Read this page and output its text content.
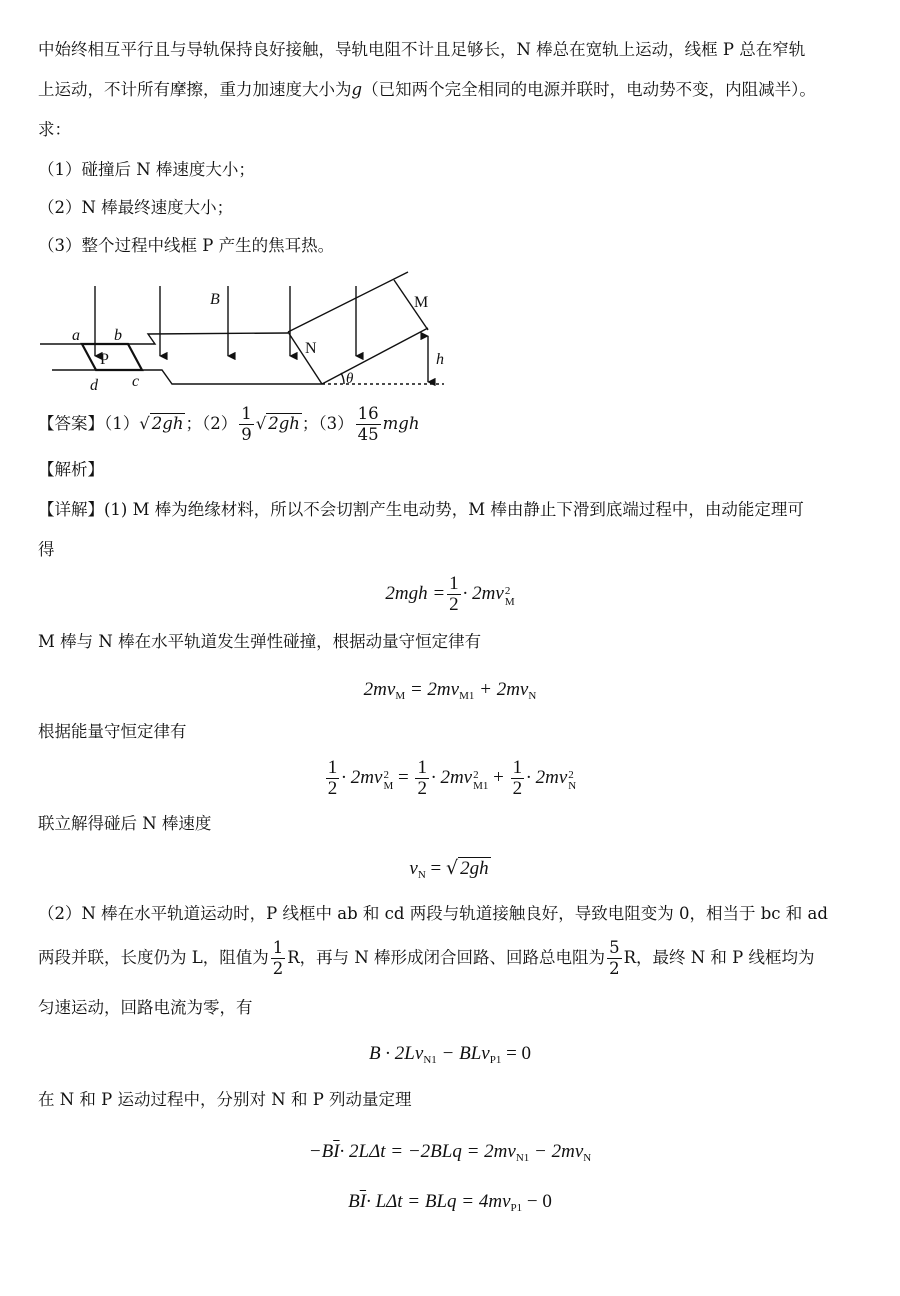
中始终相互平行且与导轨保持良好接触，导轨电阻不计且足够长，N 棒总在宽轨上运动，线框 P 总在窄轨
上运动，不计所有摩擦，重力加速度大小为g（已知两个完全相同的电源并联时，电动势不变，内阻减半）。
求：
（1）碰撞后 N 棒速度大小；
（2）N 棒最终速度大小；
（3）整个过程中线框 P 产生的焦耳热。
a b
P
d c
B
N
M
h
θ
【答案】（1）√ 2gh ；$(2) \frac{1}{9}$ √ 2gh ；$(3) \frac{16}{45}$ mgh
【解析】
【详解】(1) M 棒为绝缘材料，所以不会切割产生电动势，M 棒由静止下滑到底端过程中，由动能定理可
得
$2mgh = \frac{1}{2} \cdot 2mv$ 2
M
M 棒与 N 棒在水平轨道发生弹性碰撞，根据动量守恒定律有
$2mv_M = 2mv_{M1} + 2mv_N$
根据能量守恒定律有
$\frac{1}{2} \cdot 2mv$ 2
$M = \frac{1}{2} \cdot 2mv$ 2
$M1 + \frac{1}{2} \cdot 2mv$ 2
N
联立解得碰后 N 棒速度
$v_N$ = √ 2gh
（2）N 棒在水平轨道运动时，P 线框中 ab 和 cd 两段与轨道接触良好，导致电阻变为 0，相当于 bc 和 ad
两段并联，长度仍为 L，阻值为 $\frac{1}{2}$ R，再与 N 棒形成闭合回路、回路总电阻为 $\frac{5}{2}$ R，最终 N 和 P 线框均为
匀速运动，回路电流为零，有
$B \cdot 2Lv_{N1} - BLv_{P1} = 0$
在 N 和 P 运动过程中，分别对 N 和 P 列动量定理
$-B\overline{I}\cdot 2L\Delta t = -2BLq = 2mv_{N1} - 2mv_N$
$B\overline{I}\cdot L\Delta t$ = BLq = $4mv_{P1} - 0$
